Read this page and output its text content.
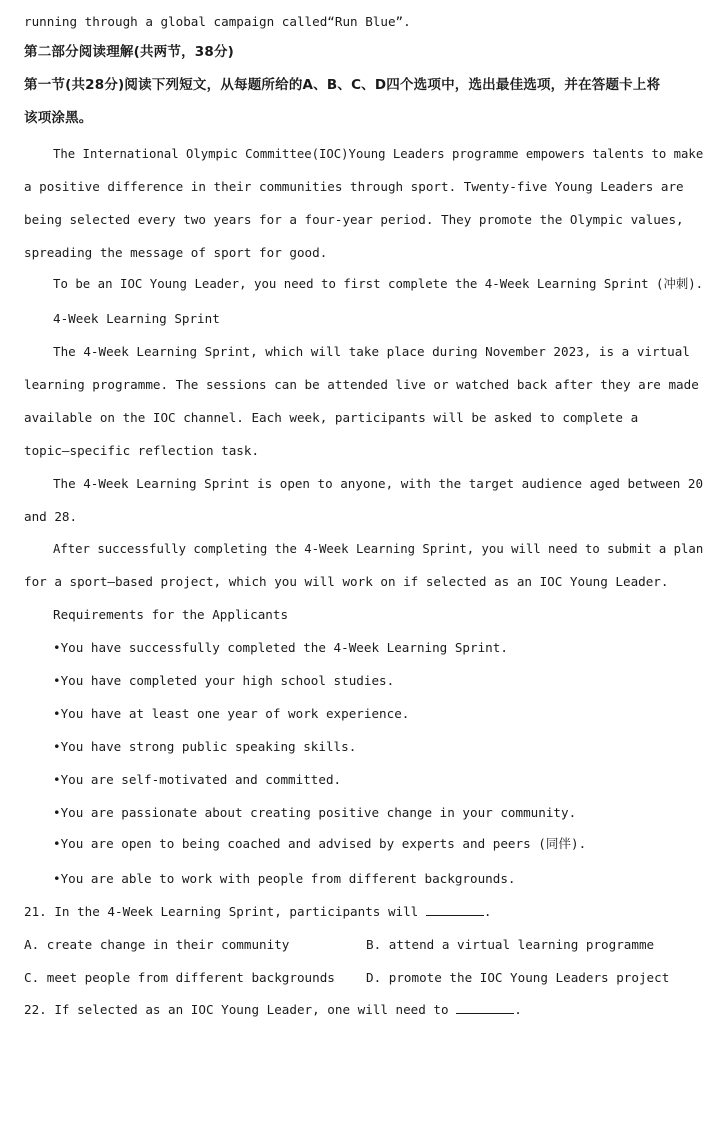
running through a global campaign called“Run Blue”.
第二部分阅读理解(共两节，38分)
第一节(共28分)阅读下列短文，从每题所给的A、B、C、D四个选项中，选出最佳选项，并在答题卡上将
该项涂黑。
The International Olympic Committee(IOC)Young Leaders programme empowers talents to make
a positive difference in their communities through sport. Twenty-five Young Leaders are
being selected every two years for a four-year period. They promote the Olympic values,
spreading the message of sport for good.
To be an IOC Young Leader, you need to first complete the 4-Week Learning Sprint (冲刺).
4-Week Learning Sprint
The 4-Week Learning Sprint, which will take place during November 2023, is a virtual
learning programme. The sessions can be attended live or watched back after they are made
available on the IOC channel. Each week, participants will be asked to complete a
topic–specific reflection task.
The 4-Week Learning Sprint is open to anyone, with the target audience aged between 20
and 28.
After successfully completing the 4-Week Learning Sprint, you will need to submit a plan
for a sport–based project, which you will work on if selected as an IOC Young Leader.
Requirements for the Applicants
•You have successfully completed the 4-Week Learning Sprint.
•You have completed your high school studies.
•You have at least one year of work experience.
•You have strong public speaking skills.
•You are self-motivated and committed.
•You are passionate about creating positive change in your community.
•You are open to being coached and advised by experts and peers (同伴).
•You are able to work with people from different backgrounds.
21. In the 4-Week Learning Sprint, participants will	.
A. create change in their community	B. attend a virtual learning programme
C. meet people from different backgrounds D. promote the IOC Young Leaders project
22. If selected as an IOC Young Leader, one will need to	.
